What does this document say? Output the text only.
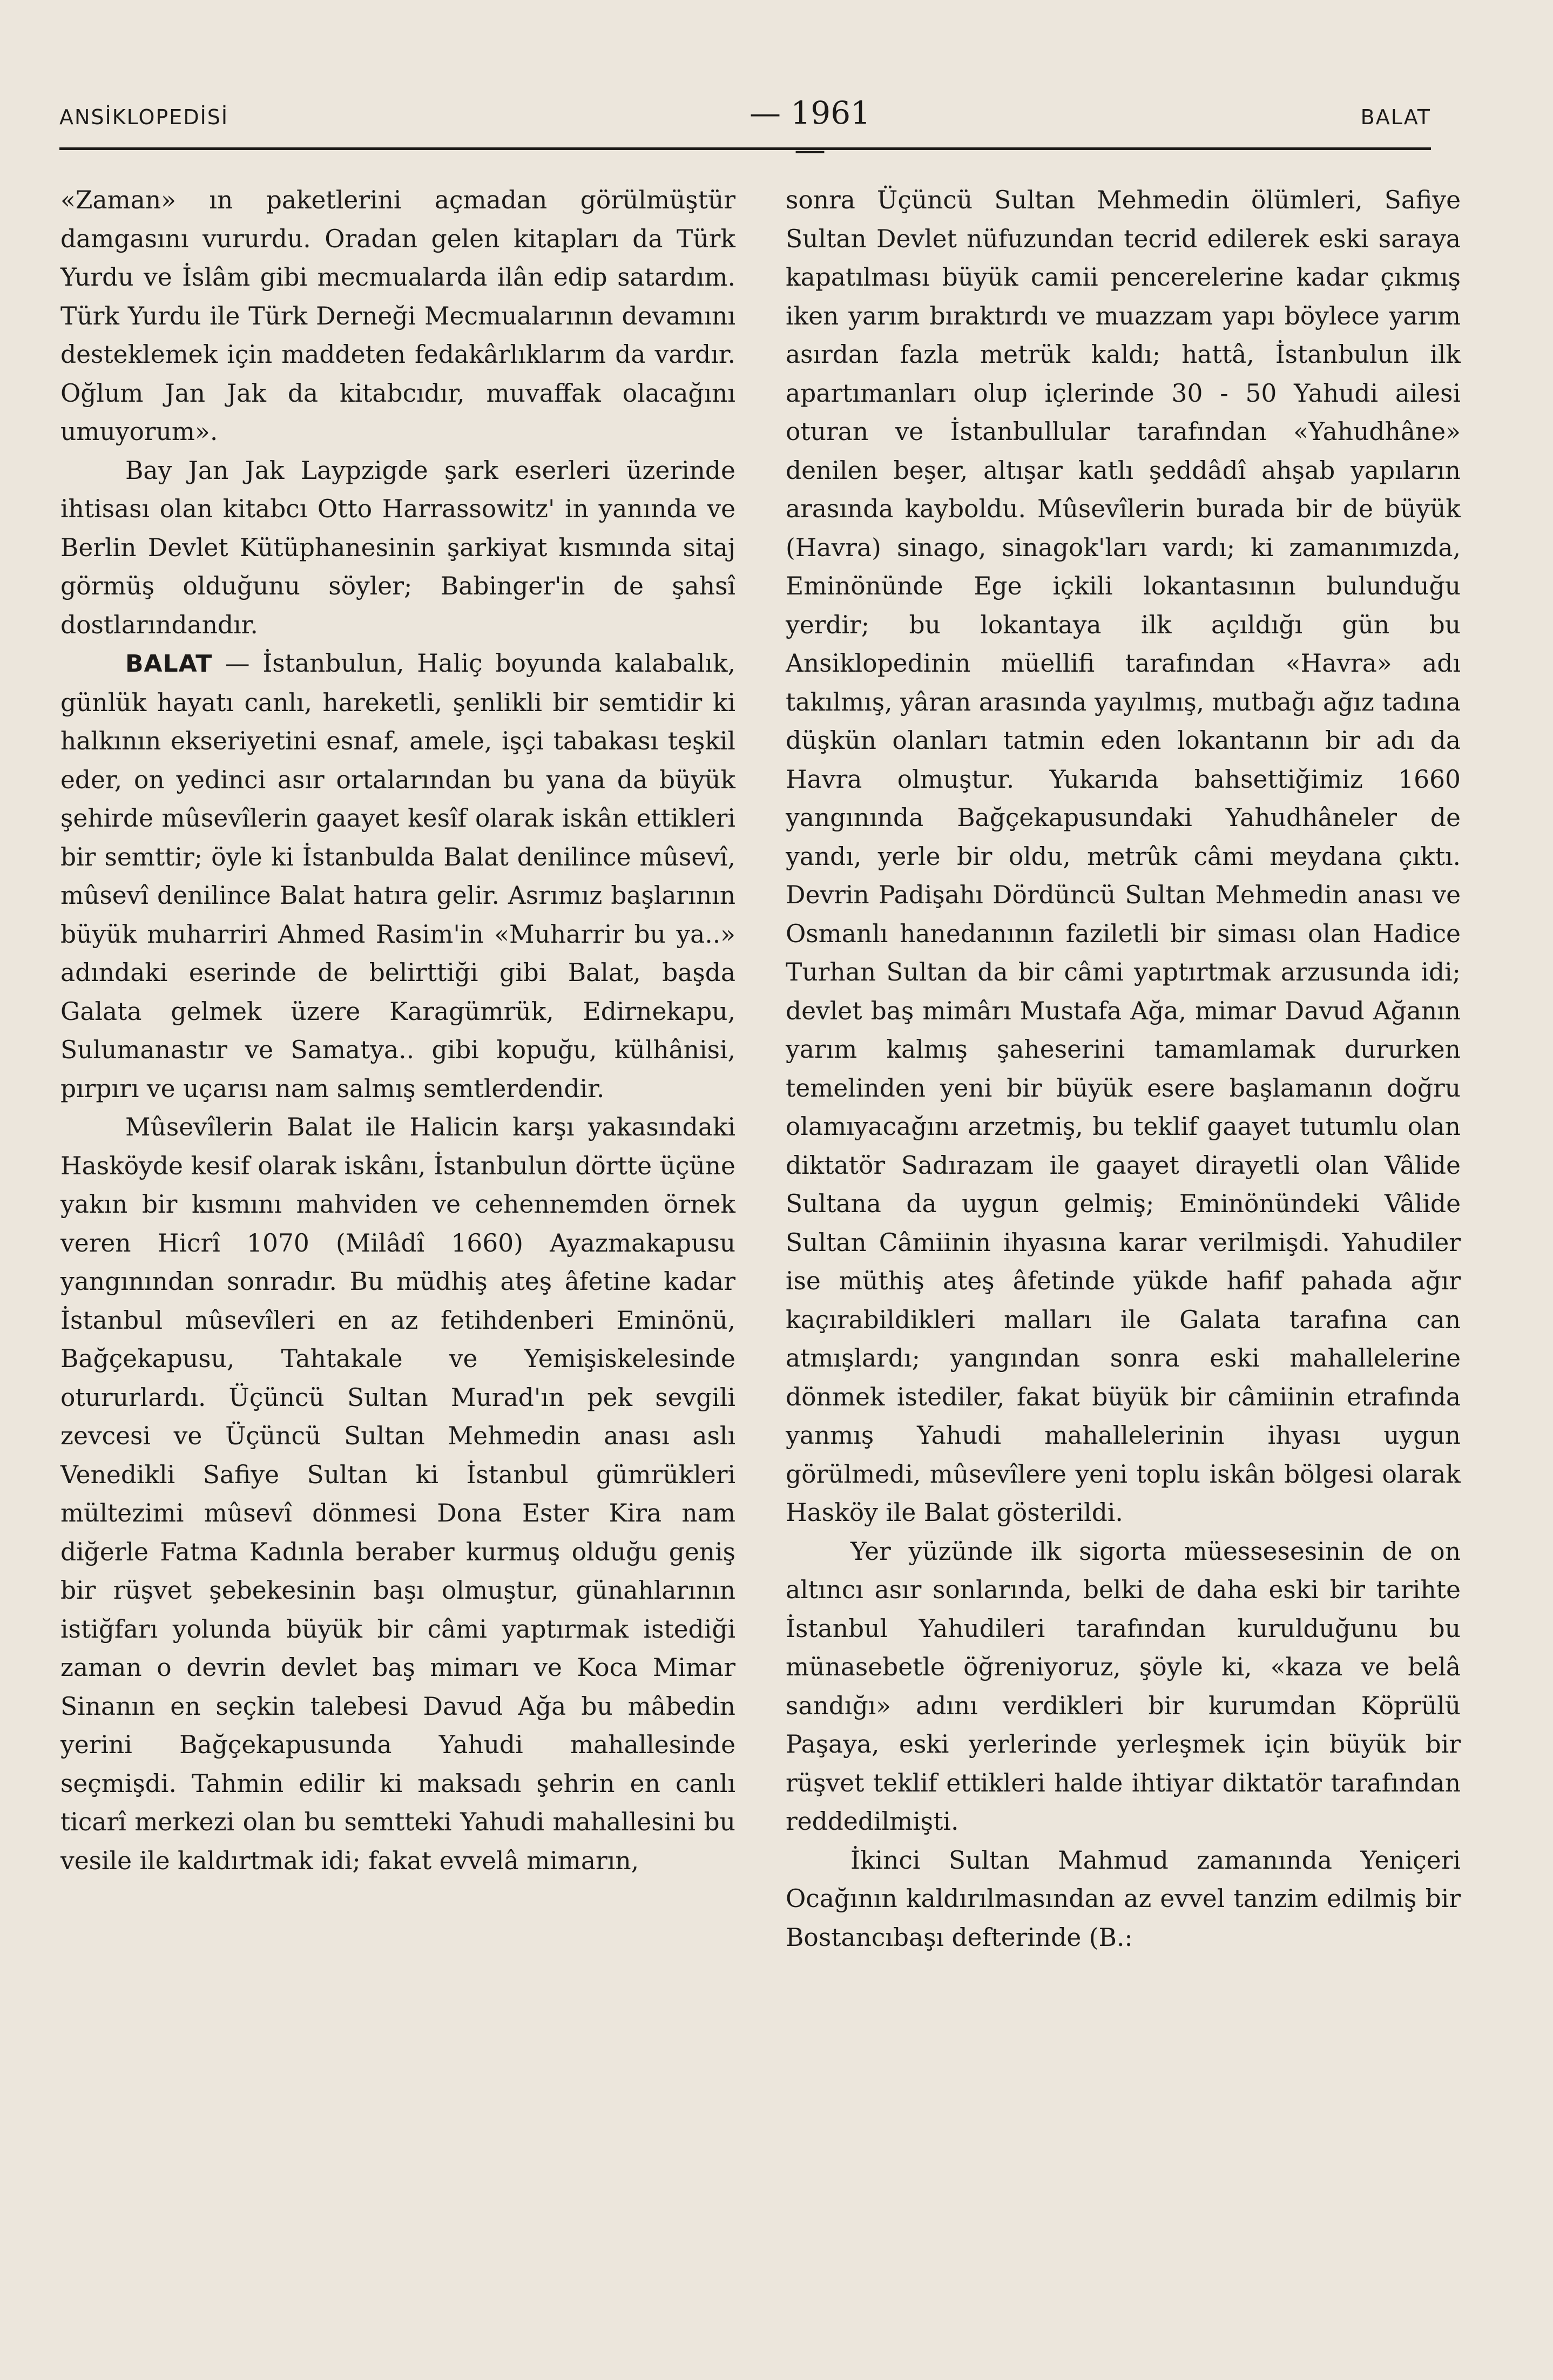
ANSİKLOPEDİSİ	— 1961 —
BALAT

«Zaman» ın paketlerini açmadan görülmüştür damgasını vururdu. Oradan gelen kitapları da Türk Yurdu ve İslâm gibi mecmualarda ilân edip satardım. Türk Yurdu ile Türk Derneği Mecmualarının devamını desteklemek için maddeten fedakârlıklarım da vardır. Oğlum Jan Jak da kitabcıdır, muvaffak olacağını umuyorum».

Bay Jan Jak Laypzigde şark eserleri üzerinde ihtisası olan kitabcı Otto Harrassowitz' in yanında ve Berlin Devlet Kütüphanesinin şarkiyat kısmında sitaj görmüş olduğunu söyler; Babinger'in de şahsî dostlarındandır.

BALAT — İstanbulun, Haliç boyunda kalabalık, günlük hayatı canlı, hareketli, şenlikli bir semtidir ki halkının ekseriyetini esnaf, amele, işçi tabakası teşkil eder, on yedinci asır ortalarından bu yana da büyük şehirde mûsevîlerin gaayet kesîf olarak iskân ettikleri bir semttir; öyle ki İstanbulda Balat denilince mûsevî, mûsevî denilince Balat hatıra gelir. Asrımız başlarının büyük muharriri Ahmed Rasim'in «Muharrir bu ya..» adındaki eserinde de belirttiği gibi Balat, başda Galata gelmek üzere Karagümrük, Edirnekapu, Sulumanastır ve Samatya.. gibi kopuğu, külhânisi, pırpırı ve uçarısı nam salmış semtlerdendir.

Mûsevîlerin Balat ile Halicin karşı yakasındaki Hasköyde kesif olarak iskânı, İstanbulun dörtte üçüne yakın bir kısmını mahviden ve cehennemden örnek veren Hicrî 1070 (Milâdî 1660) Ayazmakapusu yangınından sonradır. Bu müdhiş ateş âfetine kadar İstanbul mûsevîleri en az fetihdenberi Eminönü, Bağçekapusu, Tahtakale ve Yemişiskelesinde otururlardı. Üçüncü Sultan Murad'ın pek sevgili zevcesi ve Üçüncü Sultan Mehmedin anası aslı Venedikli Safiye Sultan ki İstanbul gümrükleri mültezimi mûsevî dönmesi Dona Ester Kira nam diğerle Fatma Kadınla beraber kurmuş olduğu geniş bir rüşvet şebekesinin başı olmuştur, günahlarının istiğfarı yolunda büyük bir câmi yaptırmak istediği zaman o devrin devlet baş mimarı ve Koca Mimar Sinanın en seçkin talebesi Davud Ağa bu mâbedin yerini Bağçekapusunda Yahudi mahallesinde seçmişdi. Tahmin edilir ki maksadı şehrin en canlı ticarî merkezi olan bu semtteki Yahudi mahallesini bu vesile ile kaldırtmak idi; fakat evvelâ mimarın,

sonra Üçüncü Sultan Mehmedin ölümleri, Safiye Sultan Devlet nüfuzundan tecrid edilerek eski saraya kapatılması büyük camii pencerelerine kadar çıkmış iken yarım bıraktırdı ve muazzam yapı böylece yarım asırdan fazla metrük kaldı; hattâ, İstanbulun ilk apartımanları olup içlerinde 30 - 50 Yahudi ailesi oturan ve İstanbullular tarafından «Yahudhâne» denilen beşer, altışar katlı şeddâdî ahşab yapıların arasında kayboldu. Mûsevîlerin burada bir de büyük (Havra) sinago, sinagok'ları vardı; ki zamanımızda, Eminönünde Ege içkili lokantasının bulunduğu yerdir; bu lokantaya ilk açıldığı gün bu Ansiklopedinin müellifi tarafından «Havra» adı takılmış, yâran arasında yayılmış, mutbağı ağız tadına düşkün olanları tatmin eden lokantanın bir adı da Havra olmuştur. Yukarıda bahsettiğimiz 1660 yangınında Bağçekapusundaki Yahudhâneler de yandı, yerle bir oldu, metrûk câmi meydana çıktı. Devrin Padişahı Dördüncü Sultan Mehmedin anası ve Osmanlı hanedanının faziletli bir siması olan Hadice Turhan Sultan da bir câmi yaptırtmak arzusunda idi; devlet baş mimârı Mustafa Ağa, mimar Davud Ağanın yarım kalmış şaheserini tamamlamak dururken temelinden yeni bir büyük esere başlamanın doğru olamıyacağını arzetmiş, bu teklif gaayet tutumlu olan diktatör Sadırazam ile gaayet dirayetli olan Vâlide Sultana da uygun gelmiş; Eminönündeki Vâlide Sultan Câmiinin ihyasına karar verilmişdi. Yahudiler ise müthiş ateş âfetinde yükde hafif pahada ağır kaçırabildikleri malları ile Galata tarafına can atmışlardı; yangından sonra eski mahallelerine dönmek istediler, fakat büyük bir câmiinin etrafında yanmış Yahudi mahallelerinin ihyası uygun görülmedi, mûsevîlere yeni toplu iskân bölgesi olarak Hasköy ile Balat gösterildi.

Yer yüzünde ilk sigorta müessesesinin de on altıncı asır sonlarında, belki de daha eski bir tarihte İstanbul Yahudileri tarafından kurulduğunu bu münasebetle öğreniyoruz, şöyle ki, «kaza ve belâ sandığı» adını verdikleri bir kurumdan Köprülü Paşaya, eski yerlerinde yerleşmek için büyük bir rüşvet teklif ettikleri halde ihtiyar diktatör tarafından reddedilmişti.

İkinci Sultan Mahmud zamanında Yeniçeri Ocağının kaldırılmasından az evvel tanzim edilmiş bir Bostancıbaşı defterinde (B.:
